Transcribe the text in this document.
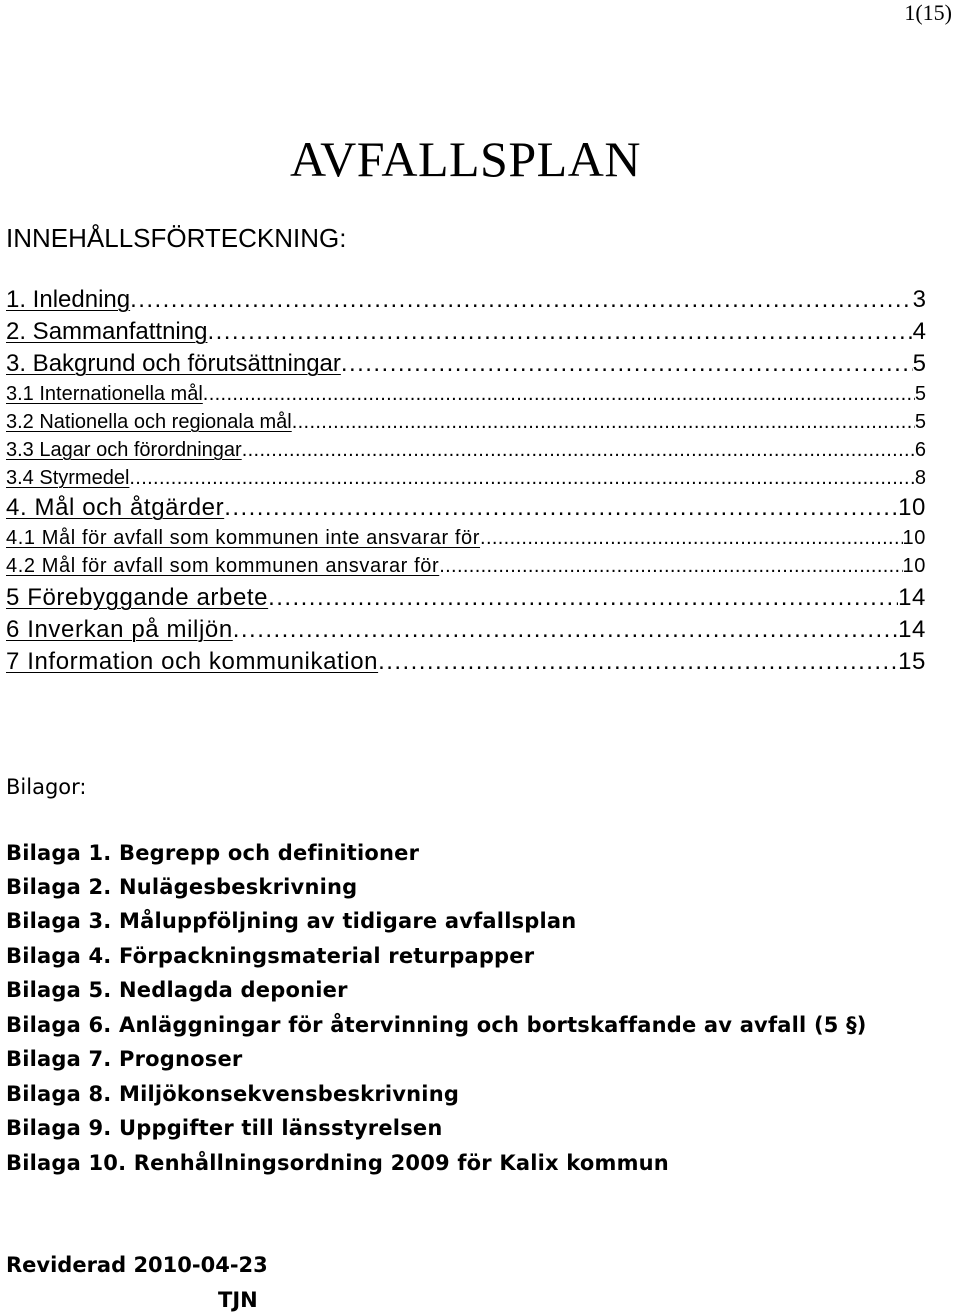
1(15)
AVFALLSPLAN
INNEHÅLLSFÖRTECKNING:
1. Inledning . . .	3
2. Sammanfattning . . .	4
3. Bakgrund och förutsättningar . . .	5
3.1 Internationella mål . . .	5
3.2 Nationella och regionala mål . . .	5
3.3 Lagar och förordningar . . .	6
3.4 Styrmedel . . .	8
4. Mål och åtgärder . . .	10
4.1 Mål för avfall som kommunen inte ansvarar för . . .	10
4.2 Mål för avfall som kommunen ansvarar för . . .	10
5 Förebyggande arbete . . .	14
6 Inverkan på miljön . . .	14
7 Information och kommunikation . . .	15
Bilagor:
Bilaga 1. Begrepp och definitioner
Bilaga 2. Nulägesbeskrivning
Bilaga 3. Måluppföljning av tidigare avfallsplan
Bilaga 4. Förpackningsmaterial returpapper
Bilaga 5. Nedlagda deponier
Bilaga 6. Anläggningar för återvinning och bortskaffande av avfall (5 §)
Bilaga 7. Prognoser
Bilaga 8. Miljökonsekvensbeskrivning
Bilaga 9. Uppgifter till länsstyrelsen
Bilaga 10. Renhållningsordning 2009 för Kalix kommun
Reviderad 2010-04-23
TJN
